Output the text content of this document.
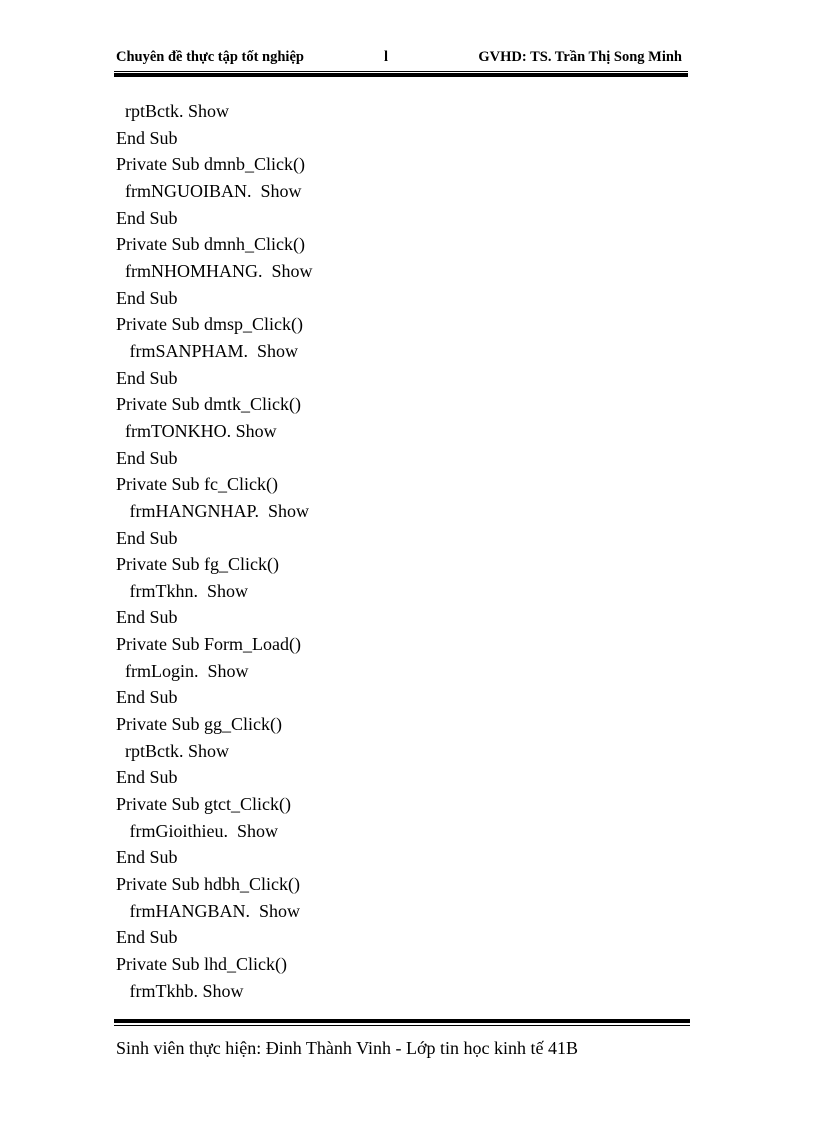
Chuyên đề thực tập tốt nghiệp	l	GVHD: TS. Trần Thị Song Minh
rptBctk. Show
End Sub
Private Sub dmnb_Click()
frmNGUOIBAN.  Show
End Sub
Private Sub dmnh_Click()
frmNHOMHANG.  Show
End Sub
Private Sub dmsp_Click()
frmSANPHAM.  Show
End Sub
Private Sub dmtk_Click()
frmTONKHO. Show
End Sub
Private Sub fc_Click()
frmHANGNHAP.  Show
End Sub
Private Sub fg_Click()
frmTkhn.  Show
End Sub
Private Sub Form_Load()
frmLogin.  Show
End Sub
Private Sub gg_Click()
rptBctk. Show
End Sub
Private Sub gtct_Click()
frmGioithieu.  Show
End Sub
Private Sub hdbh_Click()
frmHANGBAN.  Show
End Sub
Private Sub lhd_Click()
frmTkhb. Show
Sinh viên thực hiện: Đinh Thành Vinh - Lớp tin học kinh tế 41B
